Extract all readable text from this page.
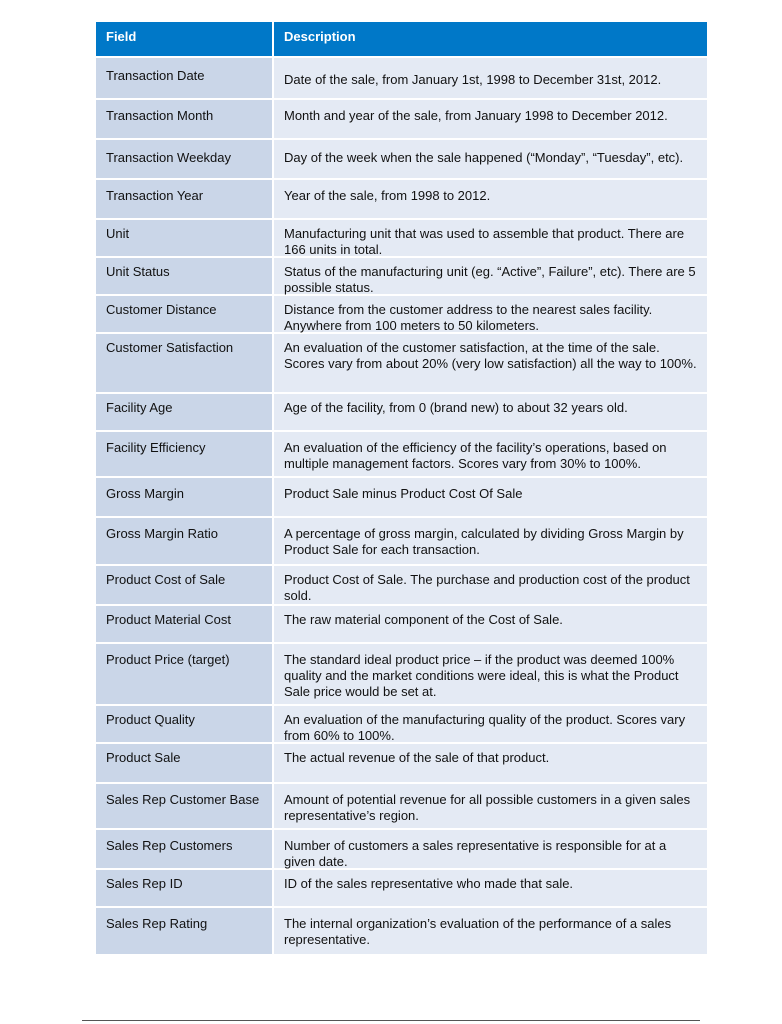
Field	Description
Transaction Date	Date of the sale, from January 1st, 1998 to December 31st, 2012.
Transaction Month	Month and year of the sale, from January 1998 to December 2012.
Transaction Weekday	Day of the week when the sale happened (“Monday”, “Tuesday”, etc).
Transaction Year	Year of the sale, from 1998 to 2012.
Unit	Manufacturing unit that was used to assemble that product. There are 166 units in total.
Unit Status	Status of the manufacturing unit (eg. “Active”, Failure”, etc). There are 5 possible status.
Customer Distance	Distance from the customer address to the nearest sales facility. Anywhere from 100 meters to 50 kilometers.
Customer Satisfaction	An evaluation of the customer satisfaction, at the time of the sale. Scores vary from about 20% (very low satisfaction) all the way to 100%.
Facility Age	Age of the facility, from 0 (brand new) to about 32 years old.
Facility Efficiency	An evaluation of the efficiency of the facility’s operations, based on multiple management factors. Scores vary from 30% to 100%.
Gross Margin	Product Sale minus Product Cost Of Sale
Gross Margin Ratio	A percentage of gross margin, calculated by dividing Gross Margin by Product Sale for each transaction.
Product Cost of Sale	Product Cost of Sale. The purchase and production cost of the product sold.
Product Material Cost	The raw material component of the Cost of Sale.
Product Price (target)	The standard ideal product price – if the product was deemed 100% quality and the market conditions were ideal, this is what the Product Sale price would be set at.
Product Quality	An evaluation of the manufacturing quality of the product. Scores vary from 60% to 100%.
Product Sale	The actual revenue of the sale of that product.
Sales Rep Customer Base	Amount of potential revenue for all possible customers in a given sales representative’s region.
Sales Rep Customers	Number of customers a sales representative is responsible for at a given date.
Sales Rep ID	ID of the sales representative who made that sale.
Sales Rep Rating	The internal organization’s evaluation of the performance of a sales representative.
